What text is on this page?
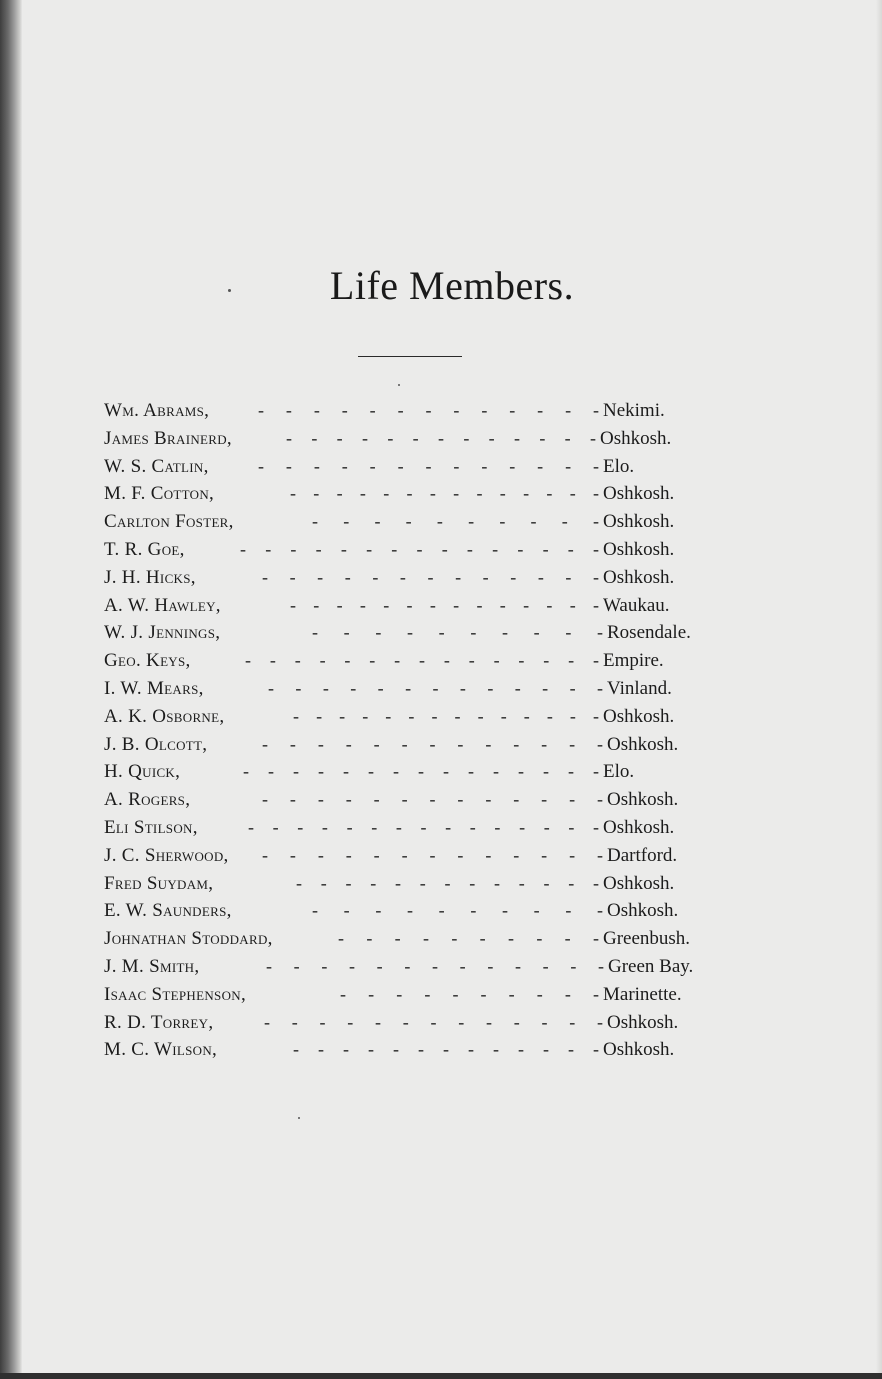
Life Members.
Wm. Abrams,	- - - - - - - - - - - - - Nekimi.
James Brainerd,	- - - - - - - - - - - - - Oshkosh.
W. S. Catlin,	- - - - - - - - - - - - - Elo.
M. F. Cotton,	- - - - - - - - - - - - - - Oshkosh.
Carlton Foster,	- - - - - - - - - - Oshkosh.
T. R. Goe,	- - - - - - - - - - - - - - - Oshkosh.
J. H. Hicks,	- - - - - - - - - - - - - Oshkosh.
A. W. Hawley,	- - - - - - - - - - - - - - Waukau.
W. J. Jennings,	- - - - - - - - - - Rosendale.
Geo. Keys,	- - - - - - - - - - - - - - - Empire.
I. W. Mears,	- - - - - - - - - - - - - Vinland.
A. K. Osborne,	- - - - - - - - - - - - - - Oshkosh.
J. B. Olcott,	- - - - - - - - - - - - - Oshkosh.
H. Quick,	- - - - - - - - - - - - - - - Elo.
A. Rogers,	- - - - - - - - - - - - - Oshkosh.
Eli Stilson,	- - - - - - - - - - - - - - - Oshkosh.
J. C. Sherwood, - - - - - - - - - - - - - Dartford.
Fred Suydam,	- - - - - - - - - - - - - Oshkosh.
E. W. Saunders,	- - - - - - - - - - Oshkosh.
Johnathan Stoddard,	- - - - - - - - - - Greenbush.
J. M. Smith,	- - - - - - - - - - - - - Green Bay.
Isaac Stephenson,	- - - - - - - - - - Marinette.
R. D. Torrey,	- - - - - - - - - - - - - Oshkosh.
M. C. Wilson,	- - - - - - - - - - - - - Oshkosh.
